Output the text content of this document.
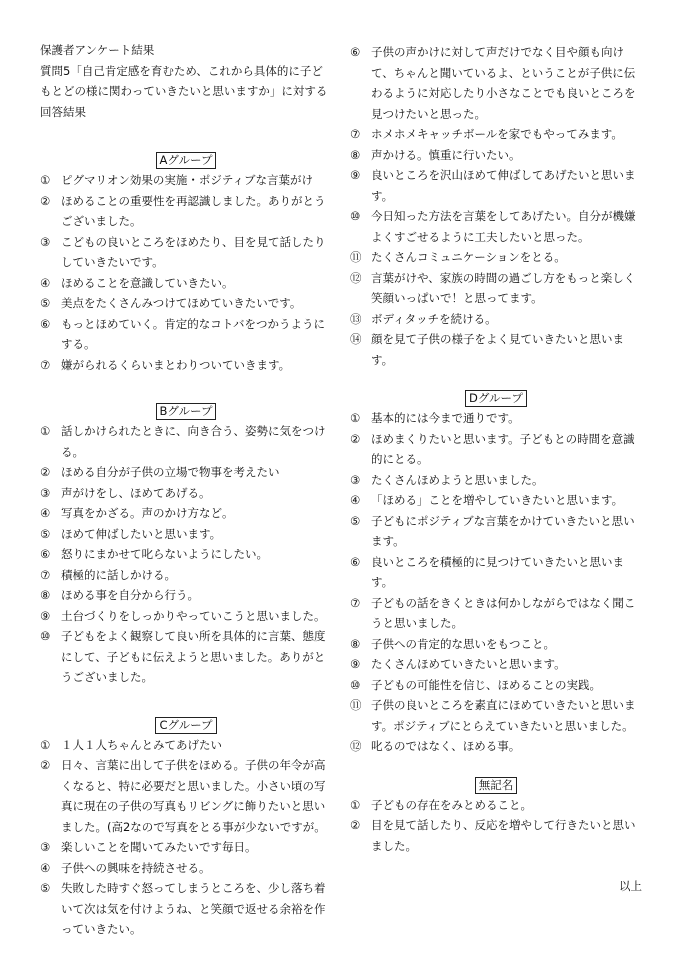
保護者アンケート結果
質問5「自己肯定感を育むため、これから具体的に子どもとどの様に関わっていきたいと思いますか」に対する回答結果
Aグループ
① ピグマリオン効果の実施・ポジティブな言葉がけ
② ほめることの重要性を再認識しました。ありがとうございました。
③ こどもの良いところをほめたり、目を見て話したりしていきたいです。
④ ほめることを意識していきたい。
⑤ 美点をたくさんみつけてほめていきたいです。
⑥ もっとほめていく。肯定的なコトバをつかうようにする。
⑦ 嫌がられるくらいまとわりついていきます。
Bグループ
① 話しかけられたときに、向き合う、姿勢に気をつける。
② ほめる自分が子供の立場で物事を考えたい
③ 声がけをし、ほめてあげる。
④ 写真をかざる。声のかけ方など。
⑤ ほめて伸ばしたいと思います。
⑥ 怒りにまかせて叱らないようにしたい。
⑦ 積極的に話しかける。
⑧ ほめる事を自分から行う。
⑨ 土台づくりをしっかりやっていこうと思いました。
⑩ 子どもをよく観察して良い所を具体的に言葉、態度にして、子どもに伝えようと思いました。ありがとうございました。
Cグループ
① １人１人ちゃんとみてあげたい
② 日々、言葉に出して子供をほめる。子供の年令が高くなると、特に必要だと思いました。小さい頃の写真に現在の子供の写真もリビングに飾りたいと思いました。(高2なので写真をとる事が少ないですが。
③ 楽しいことを聞いてみたいです毎日。
④ 子供への興味を持続させる。
⑤ 失敗した時すぐ怒ってしまうところを、少し落ち着いて次は気を付けようね、と笑顔で返せる余裕を作っていきたい。
⑥ 子供の声かけに対して声だけでなく目や顔も向けて、ちゃんと聞いているよ、ということが子供に伝わるように対応したり小さなことでも良いところを見つけたいと思った。
⑦ ホメホメキャッチボールを家でもやってみます。
⑧ 声かける。慎重に行いたい。
⑨ 良いところを沢山ほめて伸ばしてあげたいと思います。
⑩ 今日知った方法を言葉をしてあげたい。自分が機嫌よくすごせるように工夫したいと思った。
⑪ たくさんコミュニケーションをとる。
⑫ 言葉がけや、家族の時間の過ごし方をもっと楽しく笑顔いっぱいで！と思ってます。
⑬ ボディタッチを続ける。
⑭ 顔を見て子供の様子をよく見ていきたいと思います。
Dグループ
① 基本的には今まで通りです。
② ほめまくりたいと思います。子どもとの時間を意識的にとる。
③ たくさんほめようと思いました。
④ 「ほめる」ことを増やしていきたいと思います。
⑤ 子どもにポジティブな言葉をかけていきたいと思います。
⑥ 良いところを積極的に見つけていきたいと思います。
⑦ 子どもの話をきくときは何かしながらではなく聞こうと思いました。
⑧ 子供への肯定的な思いをもつこと。
⑨ たくさんほめていきたいと思います。
⑩ 子どもの可能性を信じ、ほめることの実践。
⑪ 子供の良いところを素直にほめていきたいと思います。ポジティブにとらえていきたいと思いました。
⑫ 叱るのではなく、ほめる事。
無記名
① 子どもの存在をみとめること。
② 目を見て話したり、反応を増やして行きたいと思いました。
以上
